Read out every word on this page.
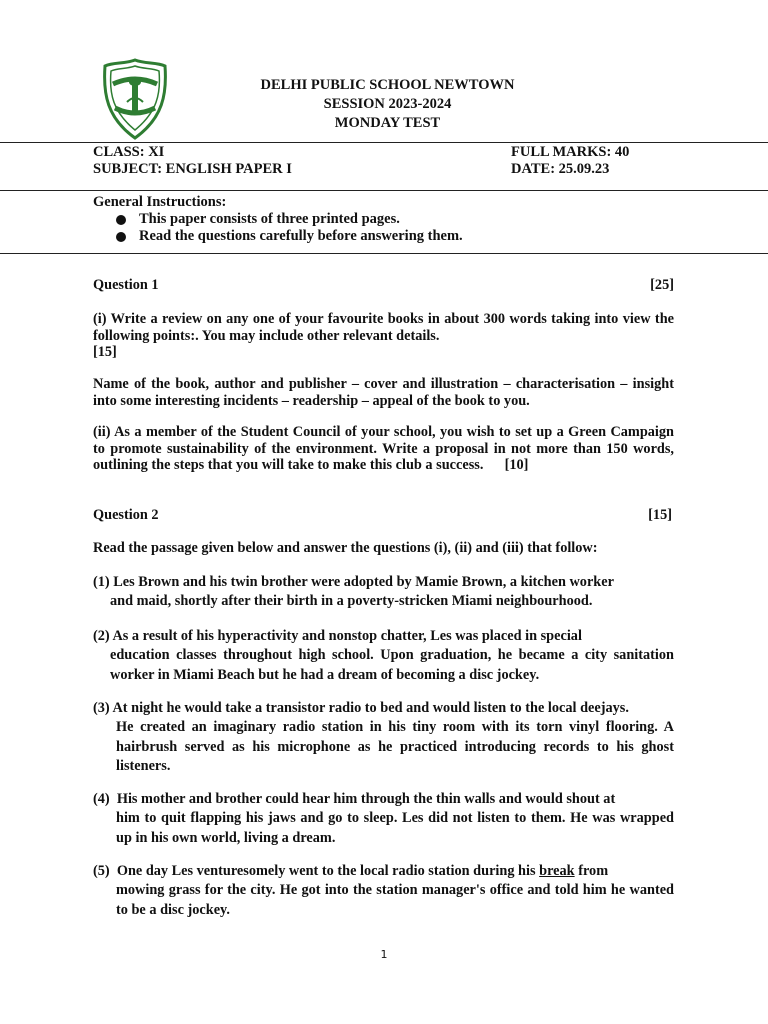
DELHI PUBLIC SCHOOL NEWTOWN
SESSION 2023-2024
MONDAY TEST
CLASS: XI
SUBJECT: ENGLISH PAPER I
FULL MARKS: 40
DATE: 25.09.23
General Instructions:
This paper consists of three printed pages.
Read the questions carefully before answering them.
Question 1	[25]
(i) Write a review on any one of your favourite books in about 300 words taking into view the following points:. You may include other relevant details.
[15]
Name of the book, author and publisher – cover and illustration – characterisation – insight into some interesting incidents – readership – appeal of the book to you.
(ii) As a member of the Student Council of your school, you wish to set up a Green Campaign to promote sustainability of the environment. Write a proposal in not more than 150 words, outlining the steps that you will take to make this club a success. [10]
Question 2	[15]
Read the passage given below and answer the questions (i), (ii) and (iii) that follow:
(1) Les Brown and his twin brother were adopted by Mamie Brown, a kitchen worker
and maid, shortly after their birth in a poverty-stricken Miami neighbourhood.
(2) As a result of his hyperactivity and nonstop chatter, Les was placed in special
education classes throughout high school. Upon graduation, he became a city sanitation worker in Miami Beach but he had a dream of becoming a disc jockey.
(3) At night he would take a transistor radio to bed and would listen to the local deejays.
He created an imaginary radio station in his tiny room with its torn vinyl flooring. A hairbrush served as his microphone as he practiced introducing records to his ghost listeners.
(4) His mother and brother could hear him through the thin walls and would shout at
him to quit flapping his jaws and go to sleep. Les did not listen to them. He was wrapped up in his own world, living a dream.
(5) One day Les venturesomely went to the local radio station during his break from
mowing grass for the city. He got into the station manager's office and told him he wanted to be a disc jockey.
1
